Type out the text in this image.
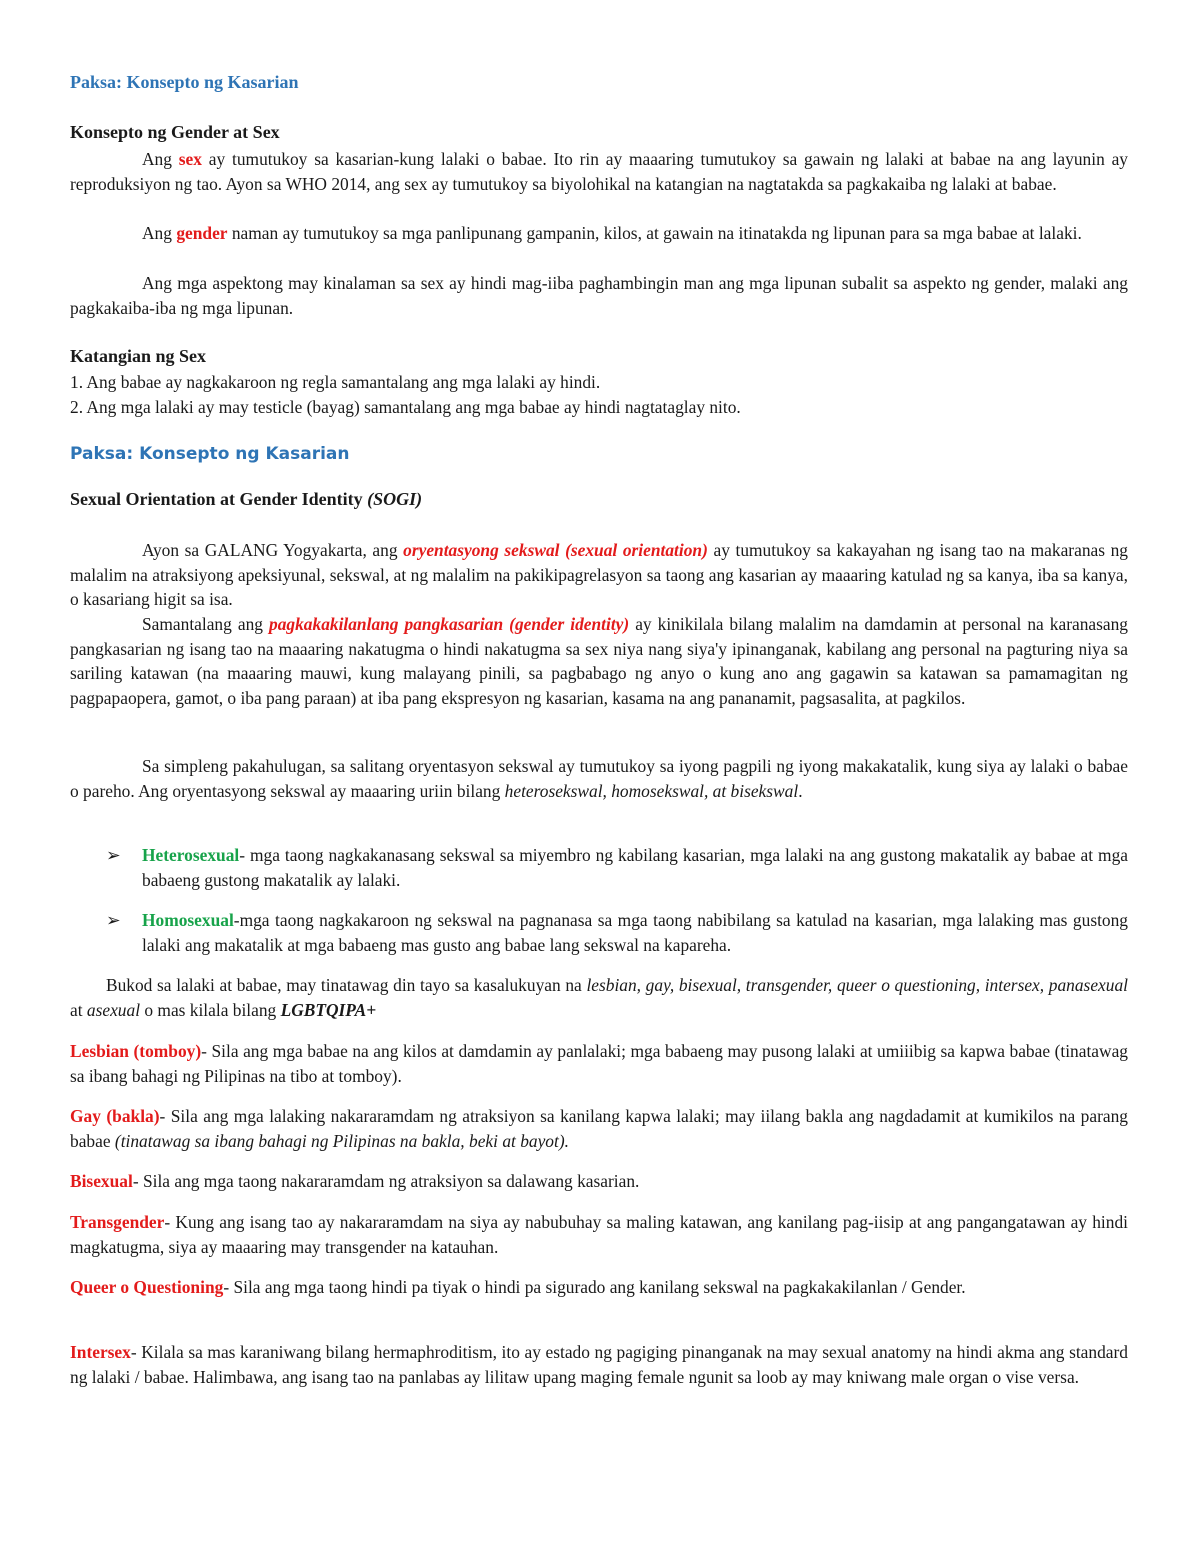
Paksa: Konsepto ng Kasarian
Konsepto ng Gender at Sex
Ang sex ay tumutukoy sa kasarian-kung lalaki o babae. Ito rin ay maaaring tumutukoy sa gawain ng lalaki at babae na ang layunin ay reproduksiyon ng tao. Ayon sa WHO 2014, ang sex ay tumutukoy sa biyolohikal na katangian na nagtatakda sa pagkakaiba ng lalaki at babae.
Ang gender naman ay tumutukoy sa mga panlipunang gampanin, kilos, at gawain na itinatakda ng lipunan para sa mga babae at lalaki.
Ang mga aspektong may kinalaman sa sex ay hindi mag-iiba paghambingin man ang mga lipunan subalit sa aspekto ng gender, malaki ang pagkakaiba-iba ng mga lipunan.
Katangian ng Sex
1. Ang babae ay nagkakaroon ng regla samantalang ang mga lalaki ay hindi.
2. Ang mga lalaki ay may testicle (bayag) samantalang ang mga babae ay hindi nagtataglay nito.
Paksa: Konsepto ng Kasarian
Sexual Orientation at Gender Identity (SOGI)
Ayon sa GALANG Yogyakarta, ang oryentasyong sekswal (sexual orientation) ay tumutukoy sa kakayahan ng isang tao na makaranas ng malalim na atraksiyong apeksiyunal, sekswal, at ng malalim na pakikipagrelasyon sa taong ang kasarian ay maaaring katulad ng sa kanya, iba sa kanya, o kasariang higit sa isa.
Samantalang ang pagkakakilanlang pangkasarian (gender identity) ay kinikilala bilang malalim na damdamin at personal na karanasang pangkasarian ng isang tao na maaaring nakatugma o hindi nakatugma sa sex niya nang siya'y ipinanganak, kabilang ang personal na pagturing niya sa sariling katawan (na maaaring mauwi, kung malayang pinili, sa pagbabago ng anyo o kung ano ang gagawin sa katawan sa pamamagitan ng pagpapaopera, gamot, o iba pang paraan) at iba pang ekspresyon ng kasarian, kasama na ang pananamit, pagsasalita, at pagkilos.
Sa simpleng pakahulugan, sa salitang oryentasyon sekswal ay tumutukoy sa iyong pagpili ng iyong makakatalik, kung siya ay lalaki o babae o pareho. Ang oryentasyong sekswal ay maaaring uriin bilang heterosekswal, homosekswal, at bisekswal.
➢ Heterosexual- mga taong nagkakanasang sekswal sa miyembro ng kabilang kasarian, mga lalaki na ang gustong makatalik ay babae at mga babaeng gustong makatalik ay lalaki.
➢ Homosexual-mga taong nagkakaroon ng sekswal na pagnanasa sa mga taong nabibilang sa katulad na kasarian, mga lalaking mas gustong lalaki ang makatalik at mga babaeng mas gusto ang babae lang sekswal na kapareha.
Bukod sa lalaki at babae, may tinatawag din tayo sa kasalukuyan na lesbian, gay, bisexual, transgender, queer o questioning, intersex, panasexual at asexual o mas kilala bilang LGBTQIPA+
Lesbian (tomboy)- Sila ang mga babae na ang kilos at damdamin ay panlalaki; mga babaeng may pusong lalaki at umiiibig sa kapwa babae (tinatawag sa ibang bahagi ng Pilipinas na tibo at tomboy).
Gay (bakla)- Sila ang mga lalaking nakararamdam ng atraksiyon sa kanilang kapwa lalaki; may iilang bakla ang nagdadamit at kumikilos na parang babae (tinatawag sa ibang bahagi ng Pilipinas na bakla, beki at bayot).
Bisexual- Sila ang mga taong nakararamdam ng atraksiyon sa dalawang kasarian.
Transgender- Kung ang isang tao ay nakararamdam na siya ay nabubuhay sa maling katawan, ang kanilang pag-iisip at ang pangangatawan ay hindi magkatugma, siya ay maaaring may transgender na katauhan.
Queer o Questioning- Sila ang mga taong hindi pa tiyak o hindi pa sigurado ang kanilang sekswal na pagkakakilanlan / Gender.
Intersex- Kilala sa mas karaniwang bilang hermaphroditism, ito ay estado ng pagiging pinanganak na may sexual anatomy na hindi akma ang standard ng lalaki / babae. Halimbawa, ang isang tao na panlabas ay lilitaw upang maging female ngunit sa loob ay may kniwang male organ o vise versa.
